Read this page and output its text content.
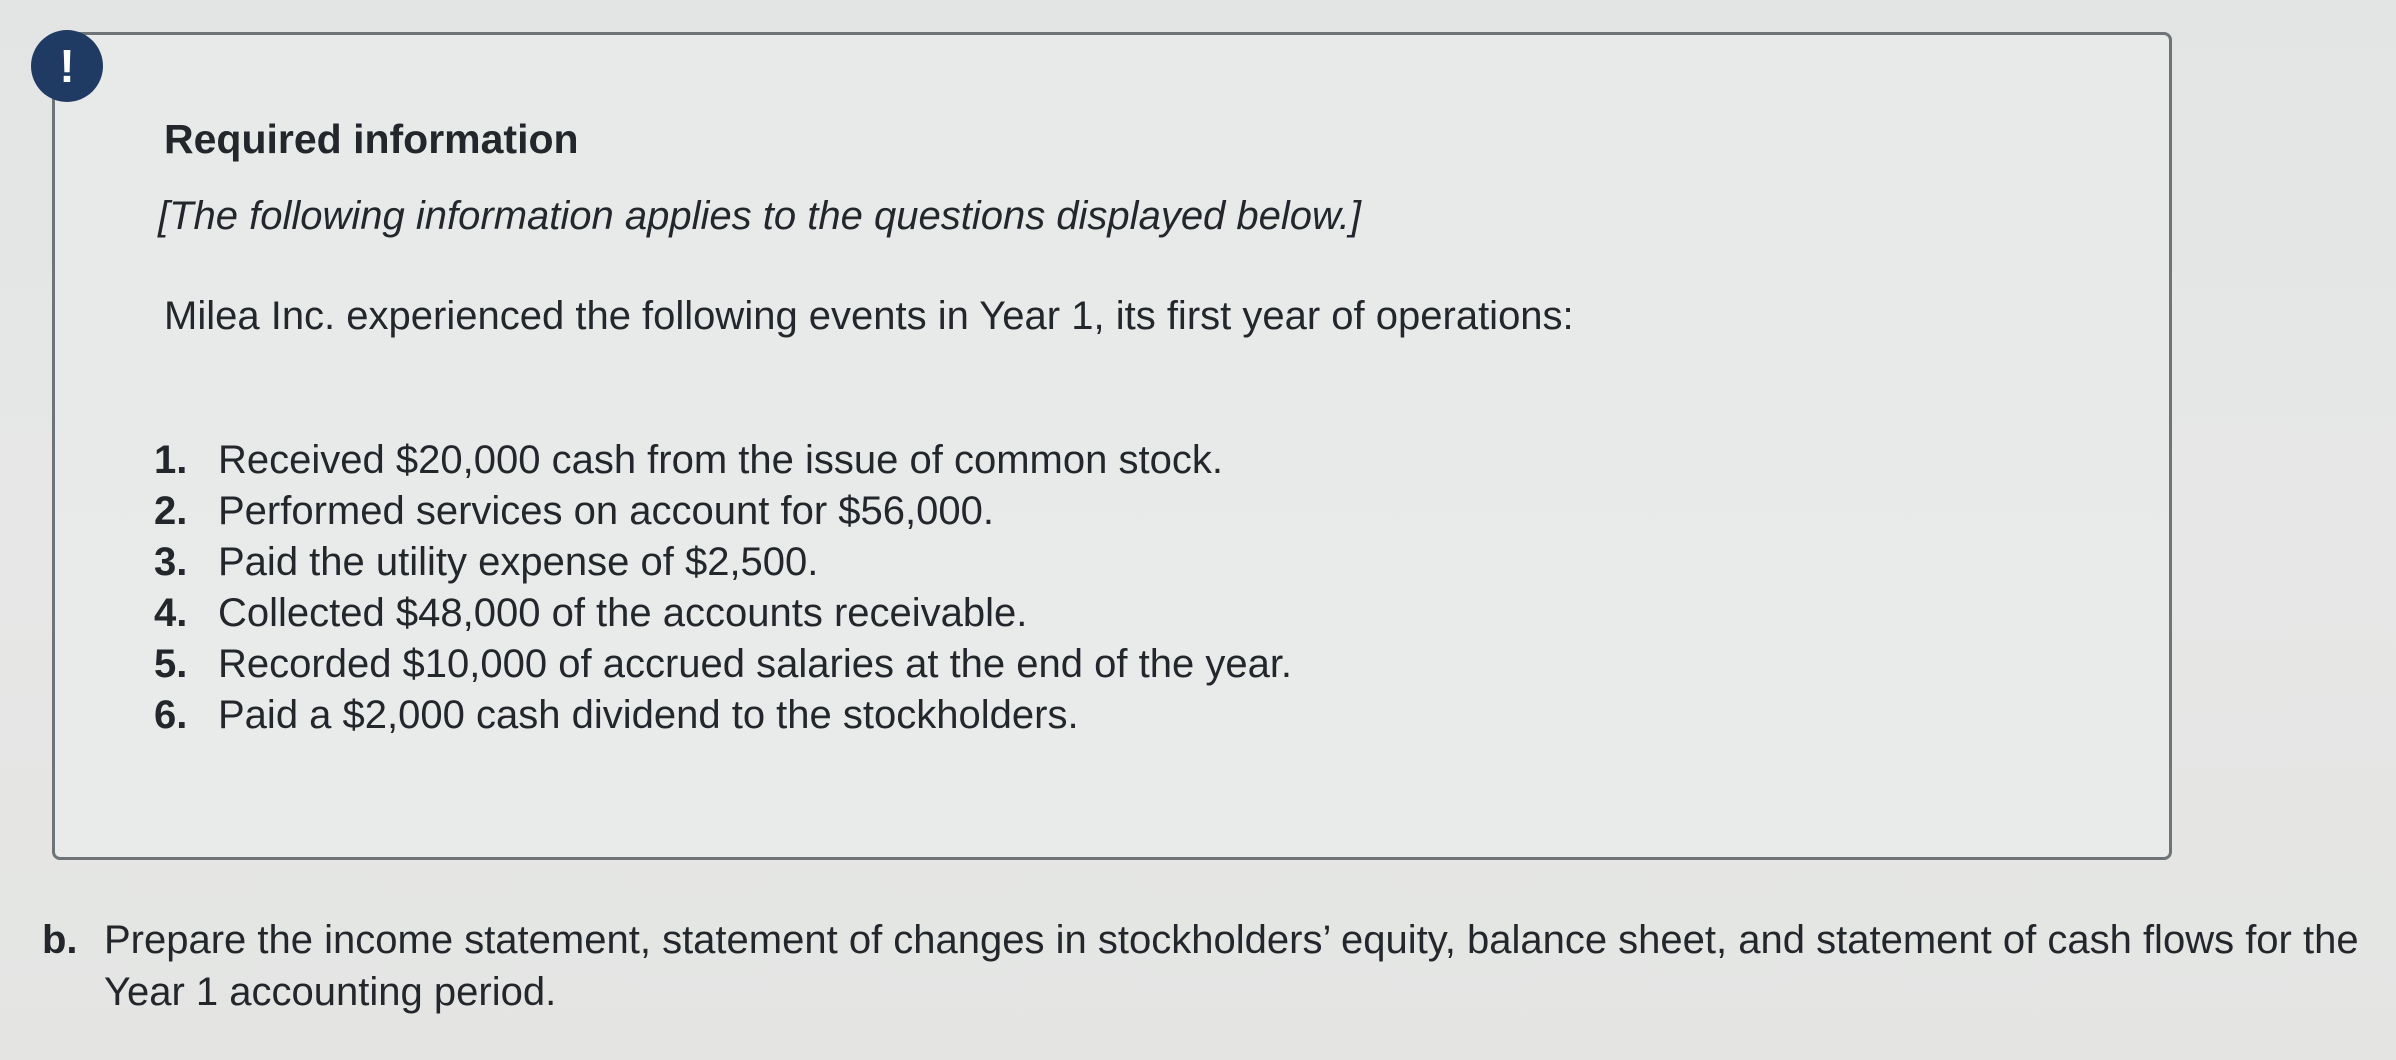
!
Required information

[The following information applies to the questions displayed below.]

Milea Inc. experienced the following events in Year 1, its first year of operations:

1. Received $20,000 cash from the issue of common stock.
2. Performed services on account for $56,000.
3. Paid the utility expense of $2,500.
4. Collected $48,000 of the accounts receivable.
5. Recorded $10,000 of accrued salaries at the end of the year.
6. Paid a $2,000 cash dividend to the stockholders.
b. Prepare the income statement, statement of changes in stockholders’ equity, balance sheet, and statement of cash flows for the Year 1 accounting period.
